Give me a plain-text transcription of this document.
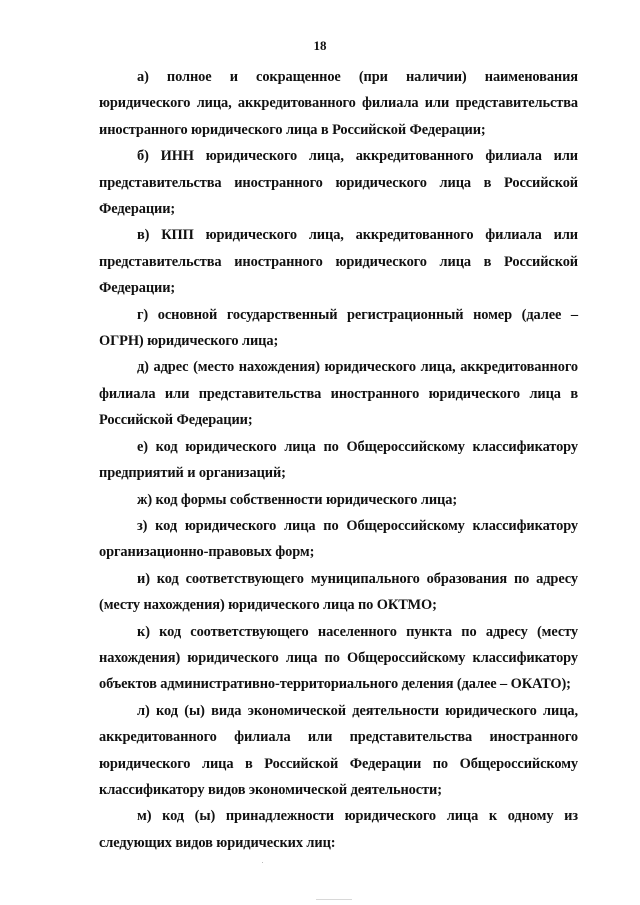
18

а) полное и сокращенное (при наличии) наименования юридического лица, аккредитованного филиала или представительства иностранного юридического лица в Российской Федерации;

б) ИНН юридического лица, аккредитованного филиала или представительства иностранного юридического лица в Российской Федерации;

в) КПП юридического лица, аккредитованного филиала или представительства иностранного юридического лица в Российской Федерации;

г) основной государственный регистрационный номер (далее – ОГРН) юридического лица;

д) адрес (место нахождения) юридического лица, аккредитованного филиала или представительства иностранного юридического лица в Российской Федерации;

е) код юридического лица по Общероссийскому классификатору предприятий и организаций;

ж) код формы собственности юридического лица;

з) код юридического лица по Общероссийскому классификатору организационно-правовых форм;

и) код соответствующего муниципального образования по адресу (месту нахождения) юридического лица по ОКТМО;

к) код соответствующего населенного пункта по адресу (месту нахождения) юридического лица по Общероссийскому классификатору объектов административно-территориального деления (далее – ОКАТО);

л) код (ы) вида экономической деятельности юридического лица, аккредитованного филиала или представительства иностранного юридического лица в Российской Федерации по Общероссийскому классификатору видов экономической деятельности;

м) код (ы) принадлежности юридического лица к одному из следующих видов юридических лиц:
